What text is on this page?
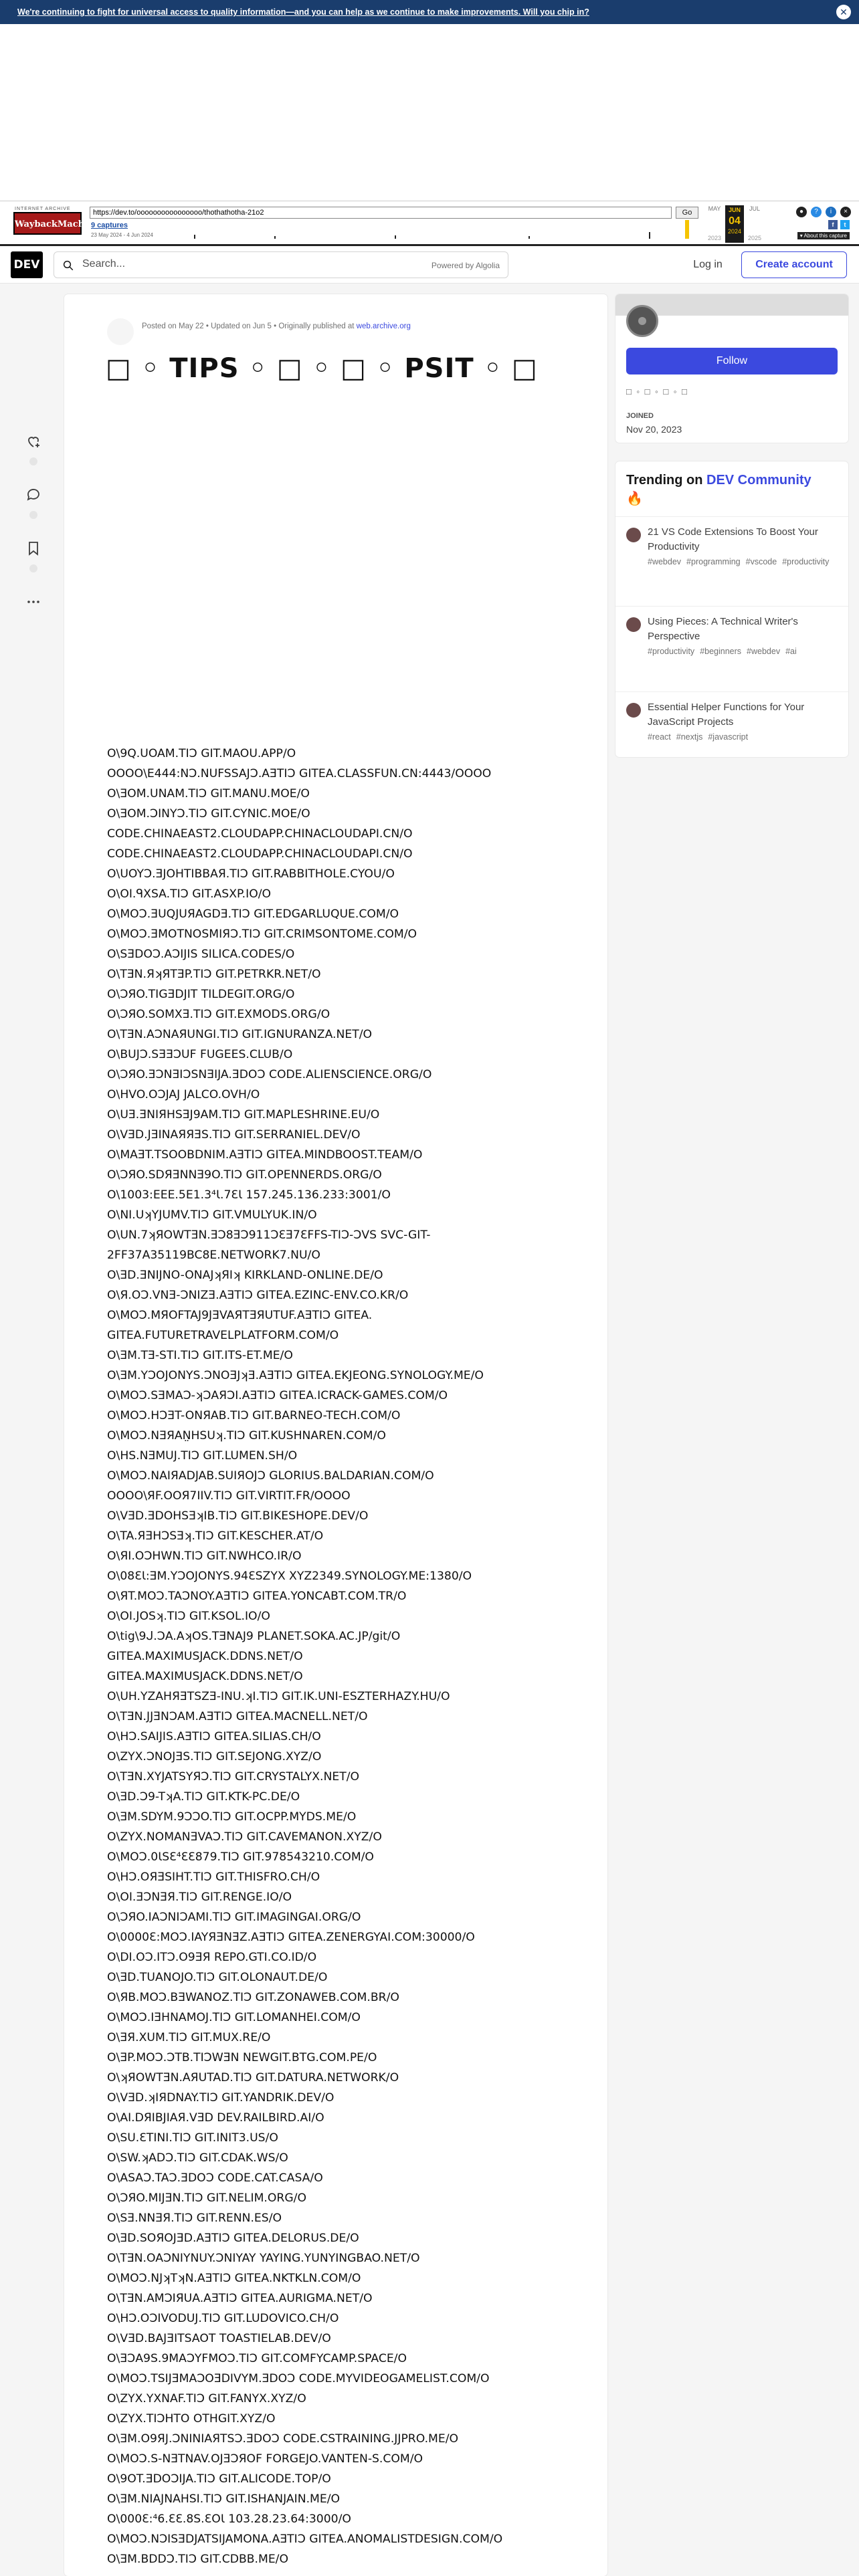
We're continuing to fight for universal access to quality information—and you can help as we continue to make improvements. Will you chip in?	✕
INTERNET ARCHIVE
WaybackMachine
https://dev.to/oooooooooooooooo/thothathotha-21o2
Go
9 captures
23 May 2024 - 4 Jun 2024
MAY	JUN
04
2024
JUL
2023	2025
●	?	i	×
f	t
▾ About this capture
DEV
Search...	Powered by Algolia	Log in	Create account
Posted on May 22 • Updated on Jun 5 • Originally published at web.archive.org
□ ◦ TIPS ◦ □ ◦ □ ◦ PSIT ◦ □
O\9Q.UOAM.TIƆ GIT.MAOU.APP/O
OOOO\E444:NƆ.NUFSSAJƆ.AƎTIƆ GITEA.CLASSFUN.CN:4443/OOOO
O\ƎOM.UNAM.TIƆ GIT.MANU.MOE/O
O\ƎOM.ƆINYƆ.TIƆ GIT.CYNIC.MOE/O
CODE.CHINAEAST2.CLOUDAPP.CHINACLOUDAPI.CN/O
CODE.CHINAEAST2.CLOUDAPP.CHINACLOUDAPI.CN/O
O\UOYƆ.ƎJOHTIBBAЯ.TIƆ GIT.RABBITHOLE.CYOU/O
O\OI.ᑫXSA.TIƆ GIT.ASXP.IO/O
O\MOƆ.ƎUQJUЯAGDƎ.TIƆ GIT.EDGARLUQUE.COM/O
O\MOƆ.ƎMOTNOSMIЯƆ.TIƆ GIT.CRIMSONTOME.COM/O
O\SƎDOƆ.AƆIJIS SILICA.CODES/O
O\TƎN.ЯʞЯTƎP.TIƆ GIT.PETRKR.NET/O
O\ƆЯO.TIGƎDJIT TILDEGIT.ORG/O
O\ƆЯO.SOMXƎ.TIƆ GIT.EXMODS.ORG/O
O\TƎN.AƆNAЯUNGI.TIƆ GIT.IGNURANZA.NET/O
O\BUJƆ.SƎƎƆUF FUGEES.CLUB/O
O\ƆЯO.ƎƆNƎIƆSNƎIJA.ƎDOƆ CODE.ALIENSCIENCE.ORG/O
O\HVO.OƆJAJ JALCO.OVH/O
O\UƎ.ƎNIЯHSƎJ9AM.TIƆ GIT.MAPLESHRINE.EU/O
O\VƎD.JƎINAЯЯƎS.TIƆ GIT.SERRANIEL.DEV/O
O\MAƎT.TSOOBDNIM.AƎTIƆ GITEA.MINDBOOST.TEAM/O
O\ƆЯO.SDЯƎNNƎ9O.TIƆ GIT.OPENNERDS.ORG/O
O\1003:EEE.5E1.3⁴Ɩ.7ƐƖ 157.245.136.233:3001/O
O\NI.UʞYJUMV.TIƆ GIT.VMULYUK.IN/O
O\UN.7ʞЯOWTƎN.ƎƆ8ƎƆ911ƆƐƎ7ƐFFS-TIƆ-ƆVS SVC-GIT-
2FF37A35119BC8E.NETWORK7.NU/O
O\ƎD.ƎNIJNO-ONAJʞЯIʞ KIRKLAND-ONLINE.DE/O
O\Я.OƆ.VNƎ-ƆNIZƎ.AƎTIƆ GITEA.EZINC-ENV.CO.KR/O
O\MOƆ.MЯOFTAJ9JƎVAЯTƎЯUTUF.AƎTIƆ GITEA.
GITEA.FUTURETRAVELPLATFORM.COM/O
O\ƎM.TƎ-STI.TIƆ GIT.ITS-ET.ME/O
O\ƎM.YƆOJONYS.ƆNOƎJʞƎ.AƎTIƆ GITEA.EKJEONG.SYNOLOGY.ME/O
O\MOƆ.SƎMAƆ-ʞƆAЯƆI.AƎTIƆ GITEA.ICRACK-GAMES.COM/O
O\MOƆ.HƆƎT-ONЯAB.TIƆ GIT.BARNEO-TECH.COM/O
O\MOƆ.NƎЯAN̤HSUʞ.TIƆ GIT.KUSHNAREN.COM/O
O\HS.NƎMUJ.TIƆ GIT.LUMEN.SH/O
O\MOƆ.NAIЯADJAB.SUIЯOJƆ GLORIUS.BALDARIAN.COM/O
OOOO\ЯF.OOЯ7IIV.TIƆ GIT.VIRTIT.FR/OOOO
O\VƎD.ƎDOHSƎʞIB.TIƆ GIT.BIKESHOPE.DEV/O
O\TA.ЯƎHƆSƎʞ.TIƆ GIT.KESCHER.AT/O
O\ЯI.OƆHWN.TIƆ GIT.NWHCO.IR/O
O\08ƐƖ:ƎM.YƆOJONYS.94ƐSZYX XYZ2349.SYNOLOGY.ME:1380/O
O\ЯT.MOƆ.TAƆNOY.AƎTIƆ GITEA.YONCABT.COM.TR/O
O\OI.JOSʞ.TIƆ GIT.KSOL.IO/O
O\tig\9ᒍ.ƆA.AʞOS.TƎNAJ9 PLANET.SOKA.AC.JP/git/O
GITEA.MAXIMUSJACK.DDNS.NET/O
GITEA.MAXIMUSJACK.DDNS.NET/O
O\UH.YZAHЯƎTSZƎ-INU.ʞI.TIƆ GIT.IK.UNI-ESZTERHAZY.HU/O
O\TƎN.JJƎNƆAM.AƎTIƆ GITEA.MACNELL.NET/O
O\HƆ.SAIJIS.AƎTIƆ GITEA.SILIAS.CH/O
O\ZYX.ƆNOJƎS.TIƆ GIT.SEJONG.XYZ/O
O\TƎN.XYJATSYЯƆ.TIƆ GIT.CRYSTALYX.NET/O
O\ƎD.Ɔ9-TʞA.TIƆ GIT.KTK-PC.DE/O
O\ƎM.SDYM.9ƆƆO.TIƆ GIT.OCPP.MYDS.ME/O
O\ZYX.NOMANƎVAƆ.TIƆ GIT.CAVEMANON.XYZ/O
O\MOƆ.0ƖSƐ⁴ƐƐ879.TIƆ GIT.978543210.COM/O
O\HƆ.OЯƎSIHT.TIƆ GIT.THISFRO.CH/O
O\OI.ƎƆNƎЯ.TIƆ GIT.RENGE.IO/O
O\ƆЯO.IAƆNIƆAMI.TIƆ GIT.IMAGINGAI.ORG/O
O\0000Ɛ:MOƆ.IAYЯƎNƎZ.AƎTIƆ GITEA.ZENERGYAI.COM:30000/O
O\DI.OƆ.ITƆ.O9ƎЯ REPO.GTI.CO.ID/O
O\ƎD.TUANOJO.TIƆ GIT.OLONAUT.DE/O
O\ЯB.MOƆ.BƎWANOZ.TIƆ GIT.ZONAWEB.COM.BR/O
O\MOƆ.IƎHNAMOJ.TIƆ GIT.LOMANHEI.COM/O
O\ƎЯ.XUM.TIƆ GIT.MUX.RE/O
O\ƎP.MOƆ.ƆTB.TIƆWƎN NEWGIT.BTG.COM.PE/O
O\ʞЯOWTƎN.AЯUTAD.TIƆ GIT.DATURA.NETWORK/O
O\VƎD.ʞIЯDNAY.TIƆ GIT.YANDRIK.DEV/O
O\AI.DЯIBJIAЯ.VƎD DEV.RAILBIRD.AI/O
O\SU.ƐTINI.TIƆ GIT.INIT3.US/O
O\SW.ʞADƆ.TIƆ GIT.CDAK.WS/O
O\ASAƆ.TAƆ.ƎDOƆ CODE.CAT.CASA/O
O\ƆЯO.MIJƎN.TIƆ GIT.NELIM.ORG/O
O\SƎ.NNƎЯ.TIƆ GIT.RENN.ES/O
O\ƎD.SOЯOJƎD.AƎTIƆ GITEA.DELORUS.DE/O
O\TƎN.OAƆNIYNUY.ƆNIYAY YAYING.YUNYINGBAO.NET/O
O\MOƆ.NJʞTʞN.AƎTIƆ GITEA.NKTKLN.COM/O
O\TƎN.AMƆIЯUA.AƎTIƆ GITEA.AURIGMA.NET/O
O\HƆ.OƆIVODUJ.TIƆ GIT.LUDOVICO.CH/O
O\VƎD.BAJƎITSAOT TOASTIELAB.DEV/O
O\ƎƆA9S.9MAƆYFMOƆ.TIƆ GIT.COMFYCAMP.SPACE/O
O\MOƆ.TSIJƎMAƆOƎDIVYM.ƎDOƆ CODE.MYVIDEOGAMELIST.COM/O
O\ZYX.YXNAF.TIƆ GIT.FANYX.XYZ/O
O\ZYX.TIƆHTO OTHGIT.XYZ/O
O\ƎM.O9ЯJ.ƆNINIAЯTSƆ.ƎDOƆ CODE.CSTRAINING.JJPRO.ME/O
O\MOƆ.S-NƎTNAV.OJƎƆЯOF FORGEJO.VANTEN-S.COM/O
O\9OT.ƎDOƆIJA.TIƆ GIT.ALICODE.TOP/O
O\ƎM.NIAJNAHSI.TIƆ GIT.ISHANJAIN.ME/O
O\000Ɛ:⁴6.ƐƐ.8S.ƐOƖ 103.28.23.64:3000/O
O\MOƆ.NƆISƎDJATSIJAMONA.AƎTIƆ GITEA.ANOMALISTDESIGN.COM/O
O\ƎM.BDDƆ.TIƆ GIT.CDBB.ME/O
Follow
□ ◦ □ ◦ □ ◦ □
JOINED
Nov 20, 2023
Trending on DEV Community 🔥
21 VS Code Extensions To Boost Your Productivity
#webdev #programming #vscode #productivity
Using Pieces: A Technical Writer's Perspective
#productivity #beginners #webdev #ai
Essential Helper Functions for Your JavaScript Projects
#react #nextjs #javascript
